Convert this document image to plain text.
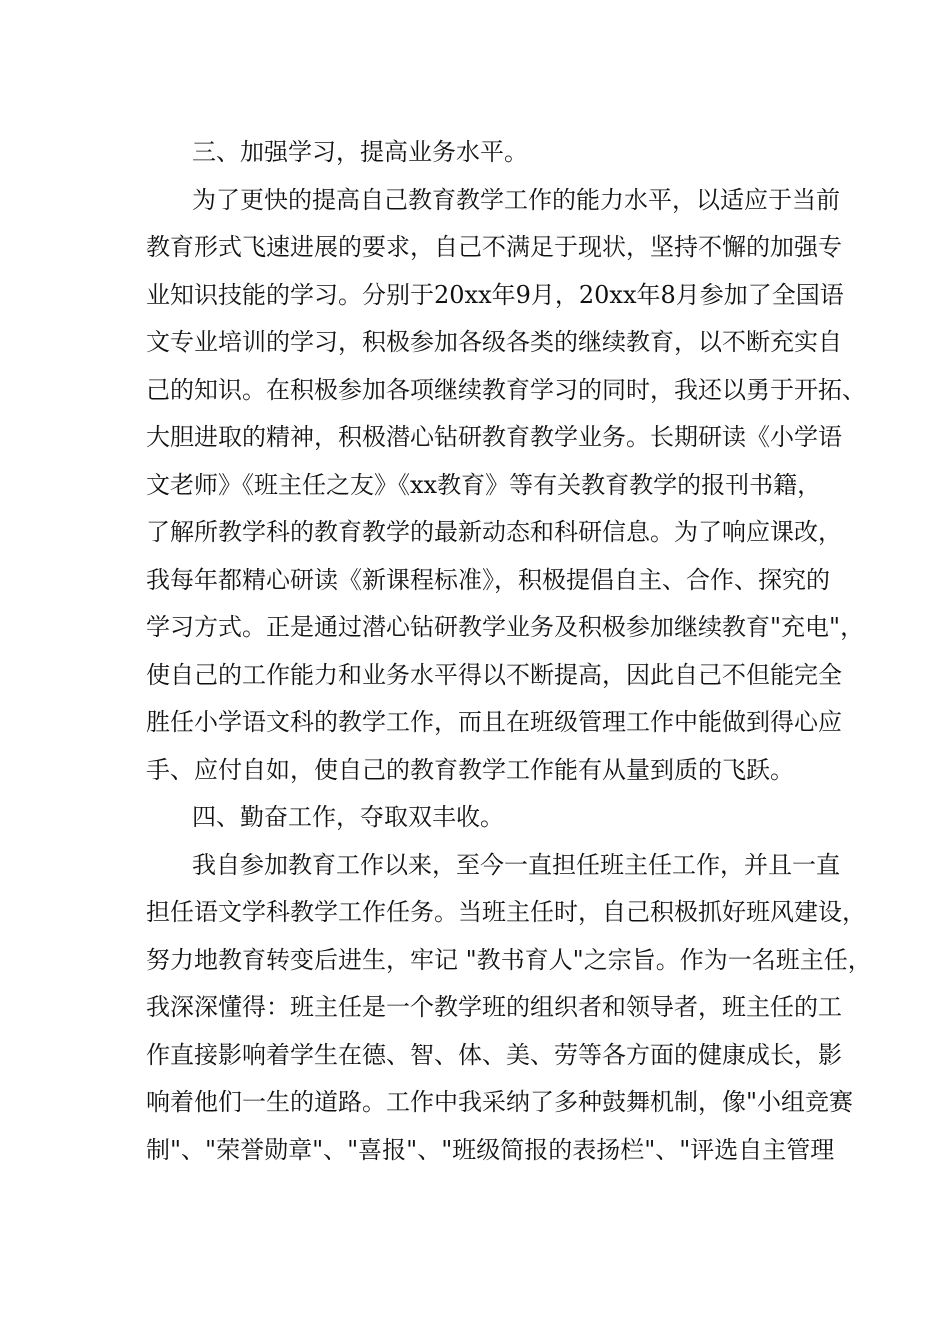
三、加强学习，提高业务水平。
为了更快的提高自己教育教学工作的能力水平，以适应于当前
教育形式飞速进展的要求，自己不满足于现状，坚持不懈的加强专
业知识技能的学习。分别于20xx年9月，20xx年8月参加了全国语
文专业培训的学习，积极参加各级各类的继续教育，以不断充实自
己的知识。在积极参加各项继续教育学习的同时，我还以勇于开拓、
大胆进取的精神，积极潜心钻研教育教学业务。长期研读《小学语
文老师》《班主任之友》《xx教育》等有关教育教学的报刊书籍，
了解所教学科的教育教学的最新动态和科研信息。为了响应课改，
我每年都精心研读《新课程标准》，积极提倡自主、合作、探究的
学习方式。正是通过潜心钻研教学业务及积极参加继续教育"充电"，
使自己的工作能力和业务水平得以不断提高，因此自己不但能完全
胜任小学语文科的教学工作，而且在班级管理工作中能做到得心应
手、应付自如，使自己的教育教学工作能有从量到质的飞跃。
四、勤奋工作，夺取双丰收。
我自参加教育工作以来，至今一直担任班主任工作，并且一直
担任语文学科教学工作任务。当班主任时，自己积极抓好班风建设，
努力地教育转变后进生，牢记 "教书育人"之宗旨。作为一名班主任，
我深深懂得：班主任是一个教学班的组织者和领导者，班主任的工
作直接影响着学生在德、智、体、美、劳等各方面的健康成长，影
响着他们一生的道路。工作中我采纳了多种鼓舞机制，像"小组竞赛
制"、"荣誉勋章"、"喜报"、"班级简报的表扬栏"、"评选自主管理
